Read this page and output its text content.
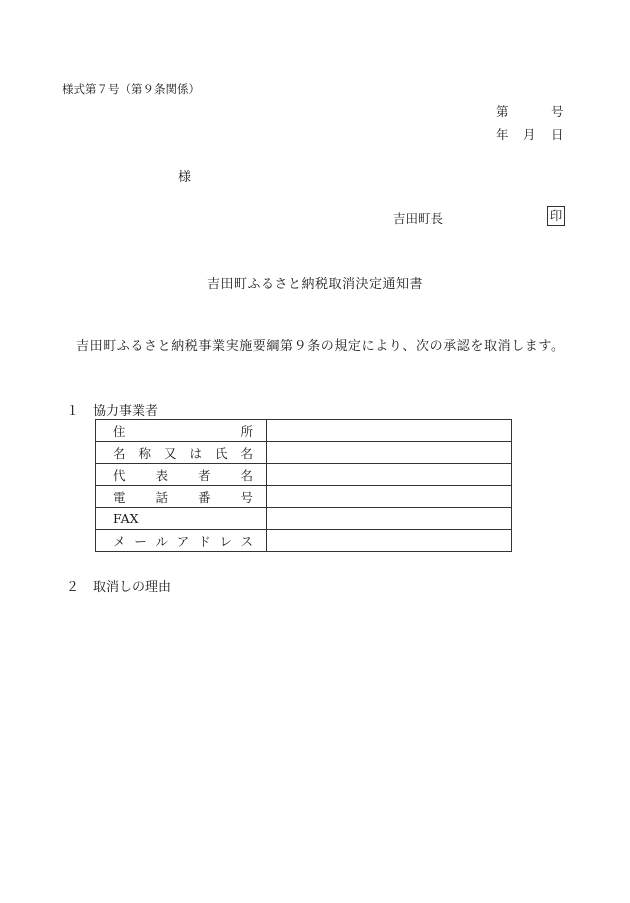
様式第７号（第９条関係）
第	号
年 月 日
様
吉田町長	印
吉田町ふるさと納税取消決定通知書
吉田町ふるさと納税事業実施要綱第９条の規定により、次の承認を取消します。
１ 協力事業者
住所	
名称又は氏名	
代表者名	
電話番号	
FAX	
メールアドレス	
２ 取消しの理由
